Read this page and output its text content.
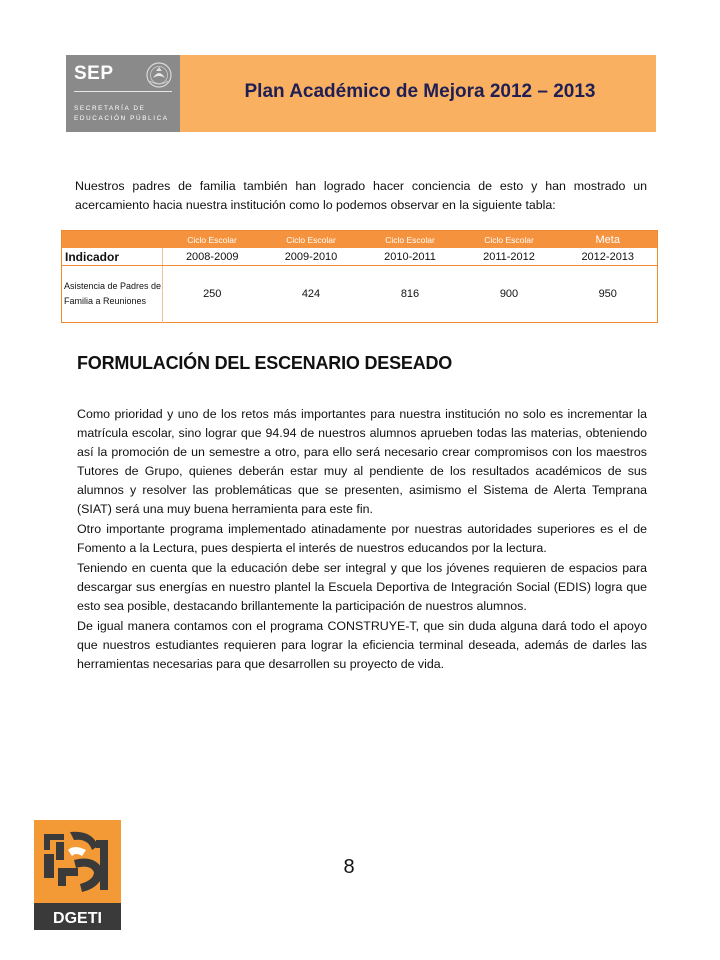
SEP
SECRETARÍA DE
EDUCACIÓN PÚBLICA
Plan Académico de Mejora 2012 – 2013

Nuestros padres de familia también han logrado hacer conciencia de esto y han mostrado un acercamiento hacia nuestra institución como lo podemos observar en la siguiente tabla:

	Ciclo Escolar	Ciclo Escolar	Ciclo Escolar	Ciclo Escolar	Meta
Indicador	2008-2009	2009-2010	2010-2011	2011-2012	2012-2013
Asistencia de Padres de Familia a Reuniones	250	424	816	900	950
FORMULACIÓN DEL ESCENARIO DESEADO

Como prioridad y uno de los retos más importantes para nuestra institución no solo es incrementar la matrícula escolar, sino lograr que 94.94 de nuestros alumnos aprueben todas las materias, obteniendo así la promoción de un semestre a otro, para ello será necesario crear compromisos con los maestros Tutores de Grupo, quienes deberán estar muy al pendiente de los resultados académicos de sus alumnos y resolver las problemáticas que se presenten, asimismo el Sistema de Alerta Temprana (SIAT) será una muy buena herramienta para este fin.

Otro importante programa implementado atinadamente por nuestras autoridades superiores es el de Fomento a la Lectura, pues despierta el interés de nuestros educandos por la lectura.

Teniendo en cuenta que la educación debe ser integral y que los jóvenes requieren de espacios para descargar sus energías en nuestro plantel la Escuela Deportiva de Integración Social (EDIS) logra que esto sea posible, destacando brillantemente la participación de nuestros alumnos.

De igual manera contamos con el programa CONSTRUYE-T, que sin duda alguna dará todo el apoyo que nuestros estudiantes requieren para lograr la eficiencia terminal deseada, además de darles las herramientas necesarias para que desarrollen su proyecto de vida.

DGETI
8
